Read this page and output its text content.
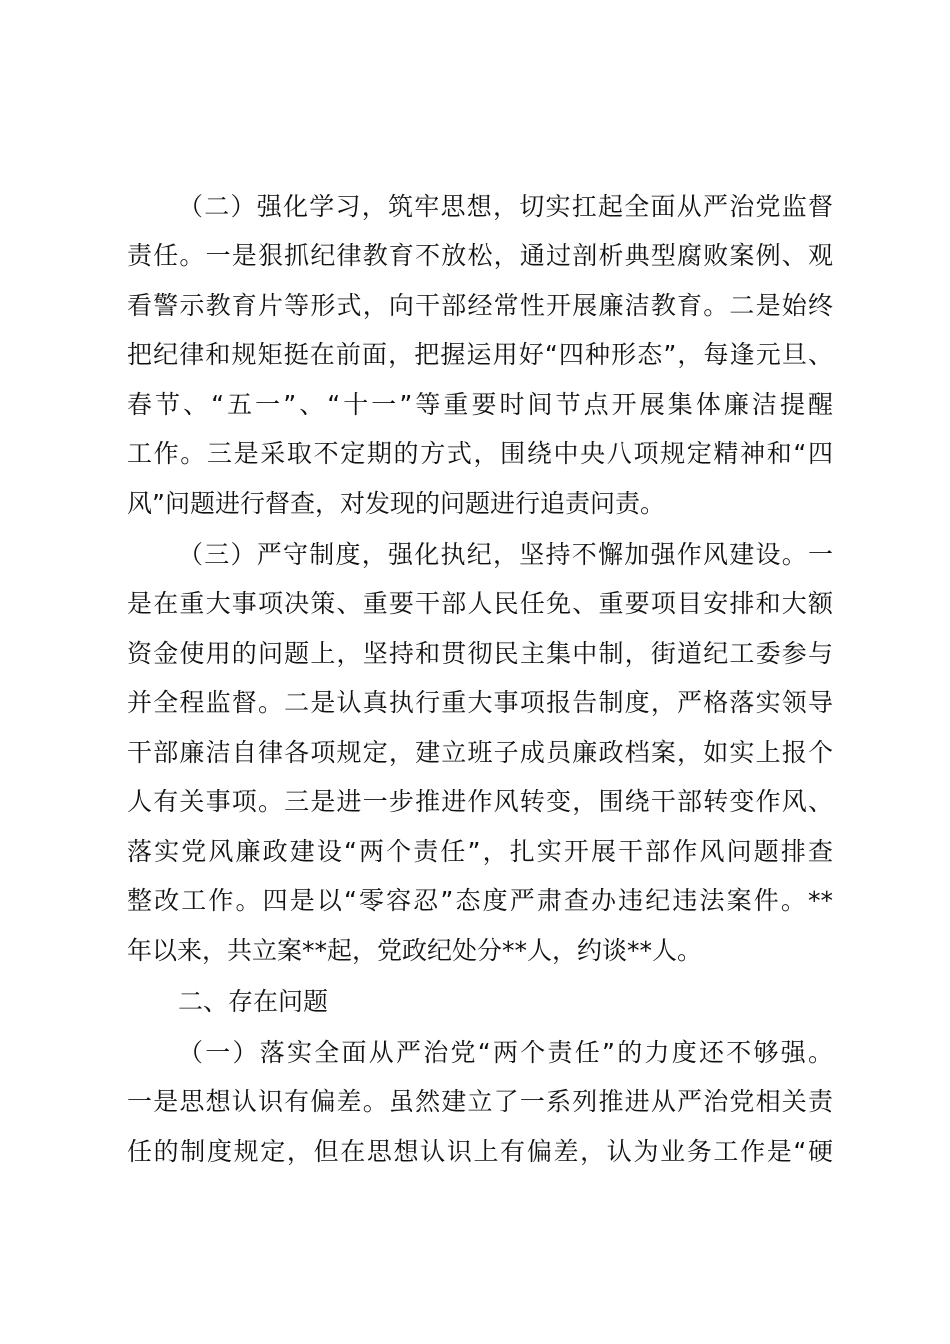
（二）强化学习，筑牢思想，切实扛起全面从严治党监督
责任。一是狠抓纪律教育不放松，通过剖析典型腐败案例、观
看警示教育片等形式，向干部经常性开展廉洁教育。二是始终
把纪律和规矩挺在前面，把握运用好“四种形态”，每逢元旦、
春节、“五一”、“十一”等重要时间节点开展集体廉洁提醒
工作。三是采取不定期的方式，围绕中央八项规定精神和“四
风”问题进行督查，对发现的问题进行追责问责。
（三）严守制度，强化执纪，坚持不懈加强作风建设。一
是在重大事项决策、重要干部人民任免、重要项目安排和大额
资金使用的问题上，坚持和贯彻民主集中制，街道纪工委参与
并全程监督。二是认真执行重大事项报告制度，严格落实领导
干部廉洁自律各项规定，建立班子成员廉政档案，如实上报个
人有关事项。三是进一步推进作风转变，围绕干部转变作风、
落实党风廉政建设“两个责任”，扎实开展干部作风问题排查
整改工作。四是以“零容忍”态度严肃查办违纪违法案件。**
年以来，共立案**起，党政纪处分**人，约谈**人。
二、存在问题
（一）落实全面从严治党“两个责任”的力度还不够强。
一是思想认识有偏差。虽然建立了一系列推进从严治党相关责
任的制度规定，但在思想认识上有偏差，认为业务工作是“硬
